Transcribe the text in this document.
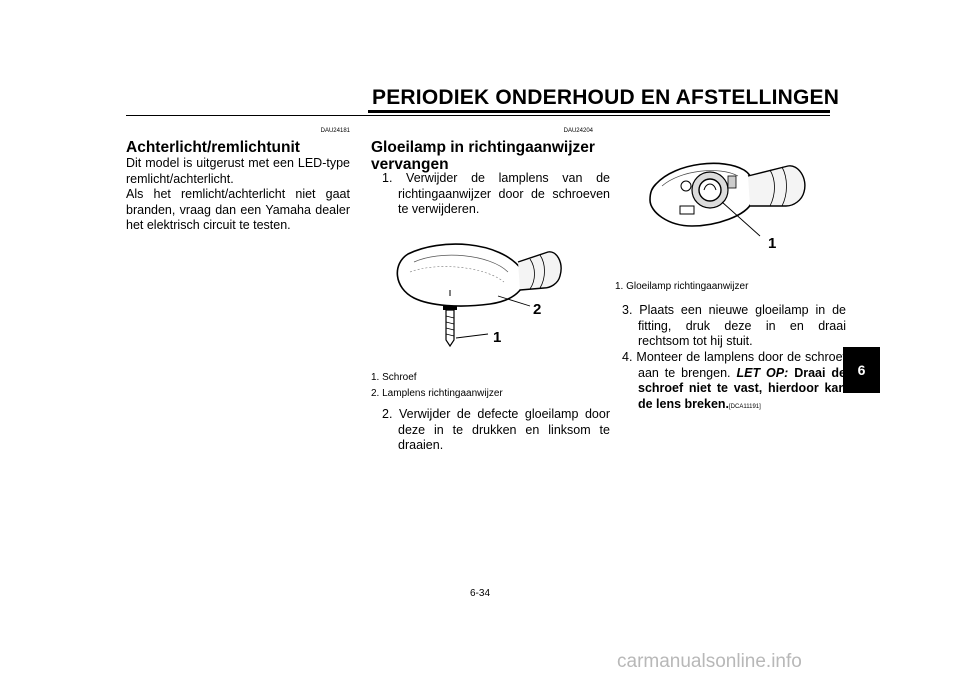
PERIODIEK ONDERHOUD EN AFSTELLINGEN
6
DAU24181
Achterlicht/remlichtunit
Dit model is uitgerust met een LED-type remlicht/achterlicht.
Als het remlicht/achterlicht niet gaat branden, vraag dan een Yamaha dealer het elektrisch circuit te testen.
DAU24204
Gloeilamp in richtingaanwijzer
vervangen
1. Verwijder de lamplens van de richtingaanwijzer door de schroeven te verwijderen.
2
1
1. Schroef
2. Lamplens richtingaanwijzer
2. Verwijder de defecte gloeilamp door deze in te drukken en linksom te draaien.
1
1. Gloeilamp richtingaanwijzer
3. Plaats een nieuwe gloeilamp in de fitting, druk deze in en draai rechtsom tot hij stuit.
4. Monteer de lamplens door de schroef aan te brengen. LET OP: Draai de schroef niet te vast, hierdoor kan de lens breken.[DCA11191]
6-34
carmanualsonline.info
